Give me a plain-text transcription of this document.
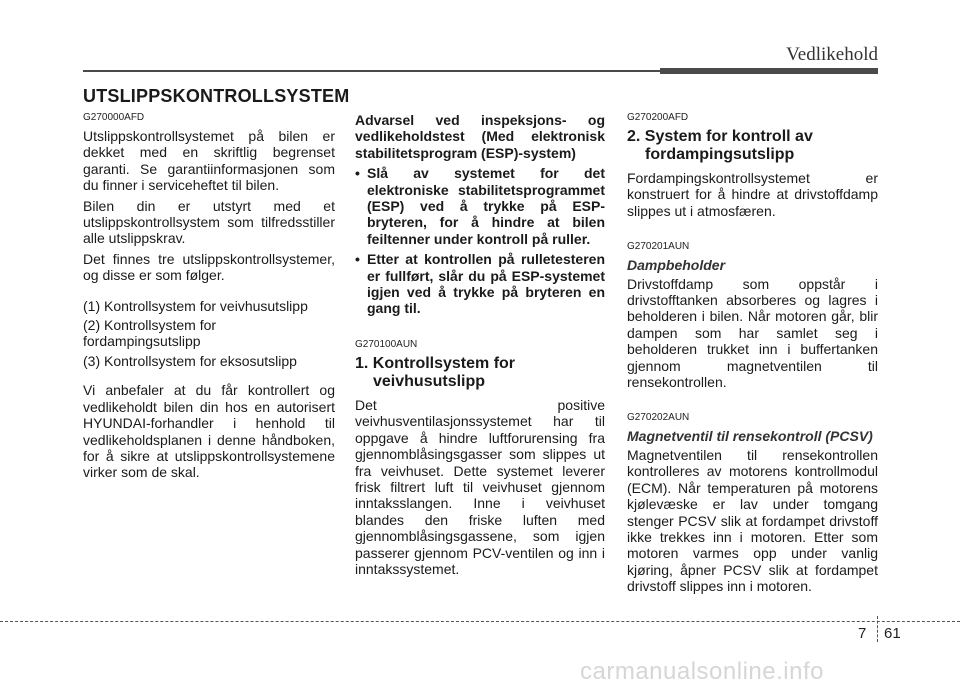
Vedlikehold
UTSLIPPSKONTROLLSYSTEM
G270000AFD

Utslippskontrollsystemet på bilen er dekket med en skriftlig begrenset garanti. Se garantiinformasjonen som du finner i serviceheftet til bilen.

Bilen din er utstyrt med et utslippskontrollsystem som tilfredsstiller alle utslippskrav.

Det finnes tre utslippskontrollsystemer, og disse er som følger.

(1) Kontrollsystem for veivhusutslipp
(2) Kontrollsystem for fordampingsutslipp
(3) Kontrollsystem for eksosutslipp

Vi anbefaler at du får kontrollert og vedlikeholdt bilen din hos en autorisert HYUNDAI-forhandler i henhold til vedlikeholdsplanen i denne håndboken, for å sikre at utslippskontrollsystemene virker som de skal.

Advarsel ved inspeksjons- og vedlikeholdstest (Med elektronisk stabilitetsprogram (ESP)-system)
• Slå av systemet for det elektroniske stabilitetsprogrammet (ESP) ved å trykke på ESP-bryteren, for å hindre at bilen feiltenner under kontroll på ruller.
• Etter at kontrollen på rulletesteren er fullført, slår du på ESP-systemet igjen ved å trykke på bryteren en gang til.
G270100AUN
1. Kontrollsystem for
veivhusutslipp

Det positive veivhusventilasjonssystemet har til oppgave å hindre luftforurensing fra gjennomblåsingsgasser som slippes ut fra veivhuset. Dette systemet leverer frisk filtrert luft til veivhuset gjennom inntaksslangen. Inne i veivhuset blandes den friske luften med gjennomblåsingsgassene, som igjen passerer gjennom PCV-ventilen og inn i inntakssystemet.

G270200AFD
2. System for kontroll av
fordampingsutslipp

Fordampingskontrollsystemet er konstruert for å hindre at drivstoffdamp slippes ut i atmosfæren.

G270201AUN
Dampbeholder

Drivstoffdamp som oppstår i drivstofftanken absorberes og lagres i beholderen i bilen. Når motoren går, blir dampen som har samlet seg i beholderen trukket inn i buffertanken gjennom magnetventilen til rensekontrollen.

G270202AUN
Magnetventil til rensekontroll (PCSV)

Magnetventilen til rensekontrollen kontrolleres av motorens kontrollmodul (ECM). Når temperaturen på motorens kjølevæske er lav under tomgang stenger PCSV slik at fordampet drivstoff ikke trekkes inn i motoren. Etter som motoren varmes opp under vanlig kjøring, åpner PCSV slik at fordampet drivstoff slippes inn i motoren.

7 61
carmanualsonline.info
